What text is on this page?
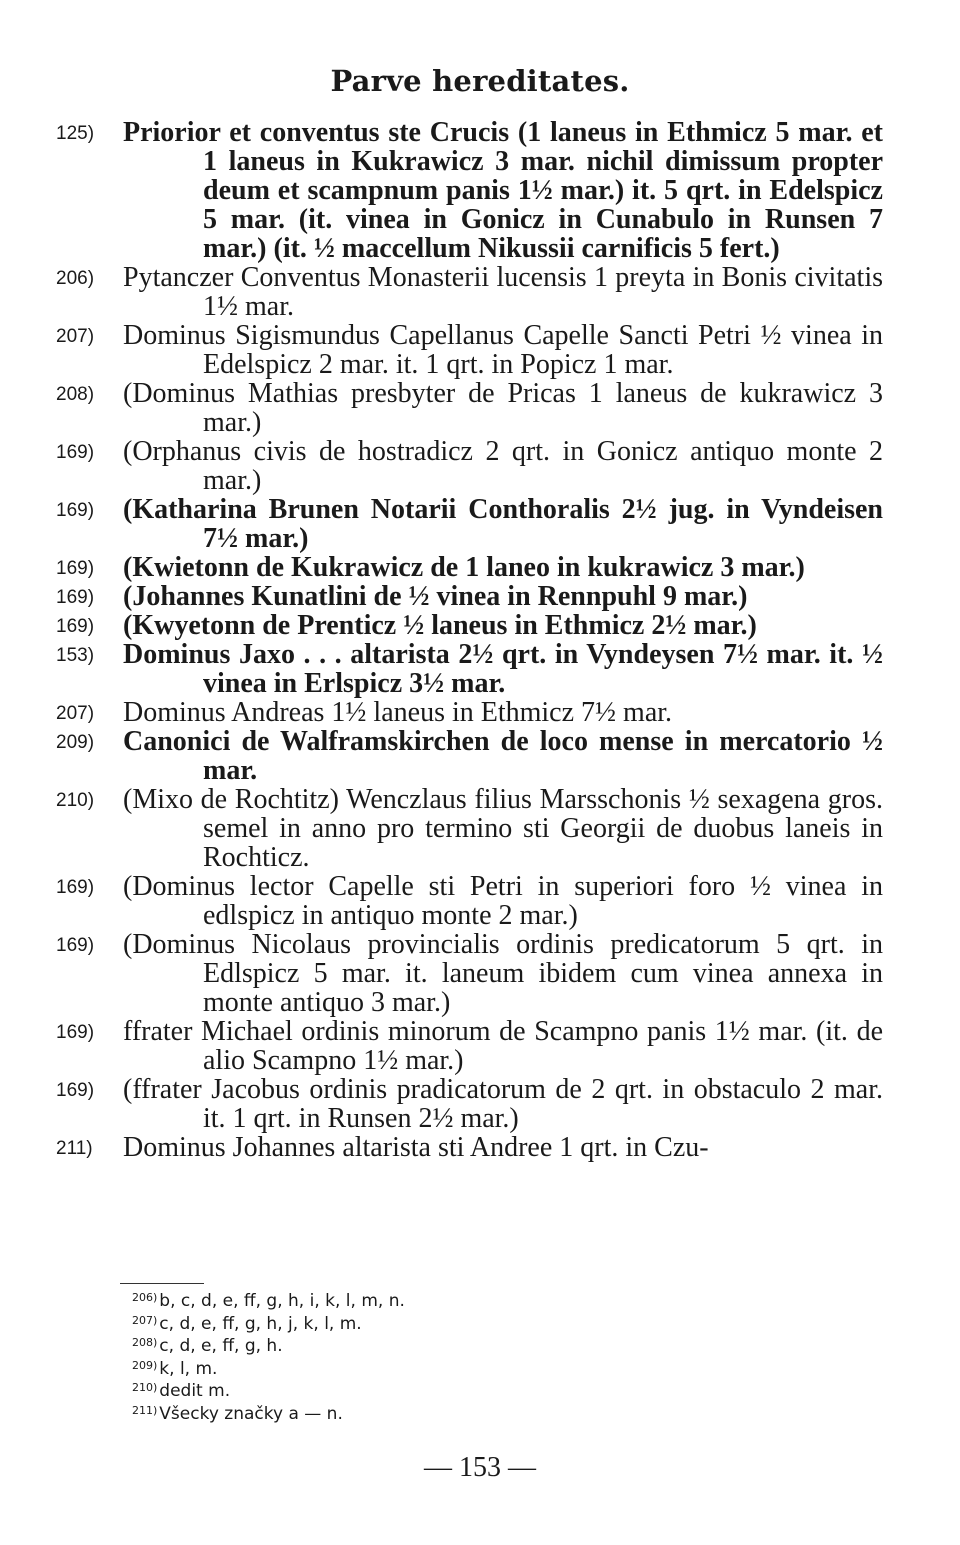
Parve hereditates.
125) Priorior et conventus ste Crucis (1 laneus in Ethmicz 5 mar. et 1 laneus in Kukrawicz 3 mar. nichil dimissum propter deum et scampnum panis 1½ mar.) it. 5 qrt. in Edelspicz 5 mar. (it. vinea in Gonicz in Cunabulo in Runsen 7 mar.) (it. ½ maccellum Nikussii carnificis 5 fert.)
206) Pytanczer Conventus Monasterii lucensis 1 preyta in Bonis civitatis 1½ mar.
207) Dominus Sigismundus Capellanus Capelle Sancti Petri ½ vinea in Edelspicz 2 mar. it. 1 qrt. in Popicz 1 mar.
208) (Dominus Mathias presbyter de Pricas 1 laneus de kukrawicz 3 mar.)
169) (Orphanus civis de hostradicz 2 qrt. in Gonicz antiquo monte 2 mar.)
169) (Katharina Brunen Notarii Conthoralis 2½ jug. in Vyndeisen 7½ mar.)
169) (Kwietonn de Kukrawicz de 1 laneo in kukrawicz 3 mar.)
169) (Johannes Kunatlini de ½ vinea in Rennpuhl 9 mar.)
169) (Kwyetonn de Prenticz ½ laneus in Ethmicz 2½ mar.)
153) Dominus Jaxo . . . altarista 2½ qrt. in Vyndeysen 7½ mar. it. ½ vinea in Erlspicz 3½ mar.
207) Dominus Andreas 1½ laneus in Ethmicz 7½ mar.
209) Canonici de Walframskirchen de loco mense in mercatorio ½ mar.
210) (Mixo de Rochtitz) Wenczlaus filius Marsschonis ½ sexagena gros. semel in anno pro termino sti Georgii de duobus laneis in Rochticz.
169) (Dominus lector Capelle sti Petri in superiori foro ½ vinea in edlspicz in antiquo monte 2 mar.)
169) (Dominus Nicolaus provincialis ordinis predicatorum 5 qrt. in Edlspicz 5 mar. it. laneum ibidem cum vinea annexa in monte antiquo 3 mar.)
169) ffrater Michael ordinis minorum de Scampno panis 1½ mar. (it. de alio Scampno 1½ mar.)
169) (ffrater Jacobus ordinis pradicatorum de 2 qrt. in obstaculo 2 mar. it. 1 qrt. in Runsen 2½ mar.)
211) Dominus Johannes altarista sti Andree 1 qrt. in Czu-
$^{206)}$ b, c, d, e, ff, g, h, i, k, l, m, n.
$^{207)}$ c, d, e, ff, g, h, j, k, l, m.
$^{208)}$ c, d, e, ff, g, h.
$^{209)}$ k, l, m.
$^{210)}$ dedit m.
$^{211)}$ Všecky značky a — n.
— 153 —
